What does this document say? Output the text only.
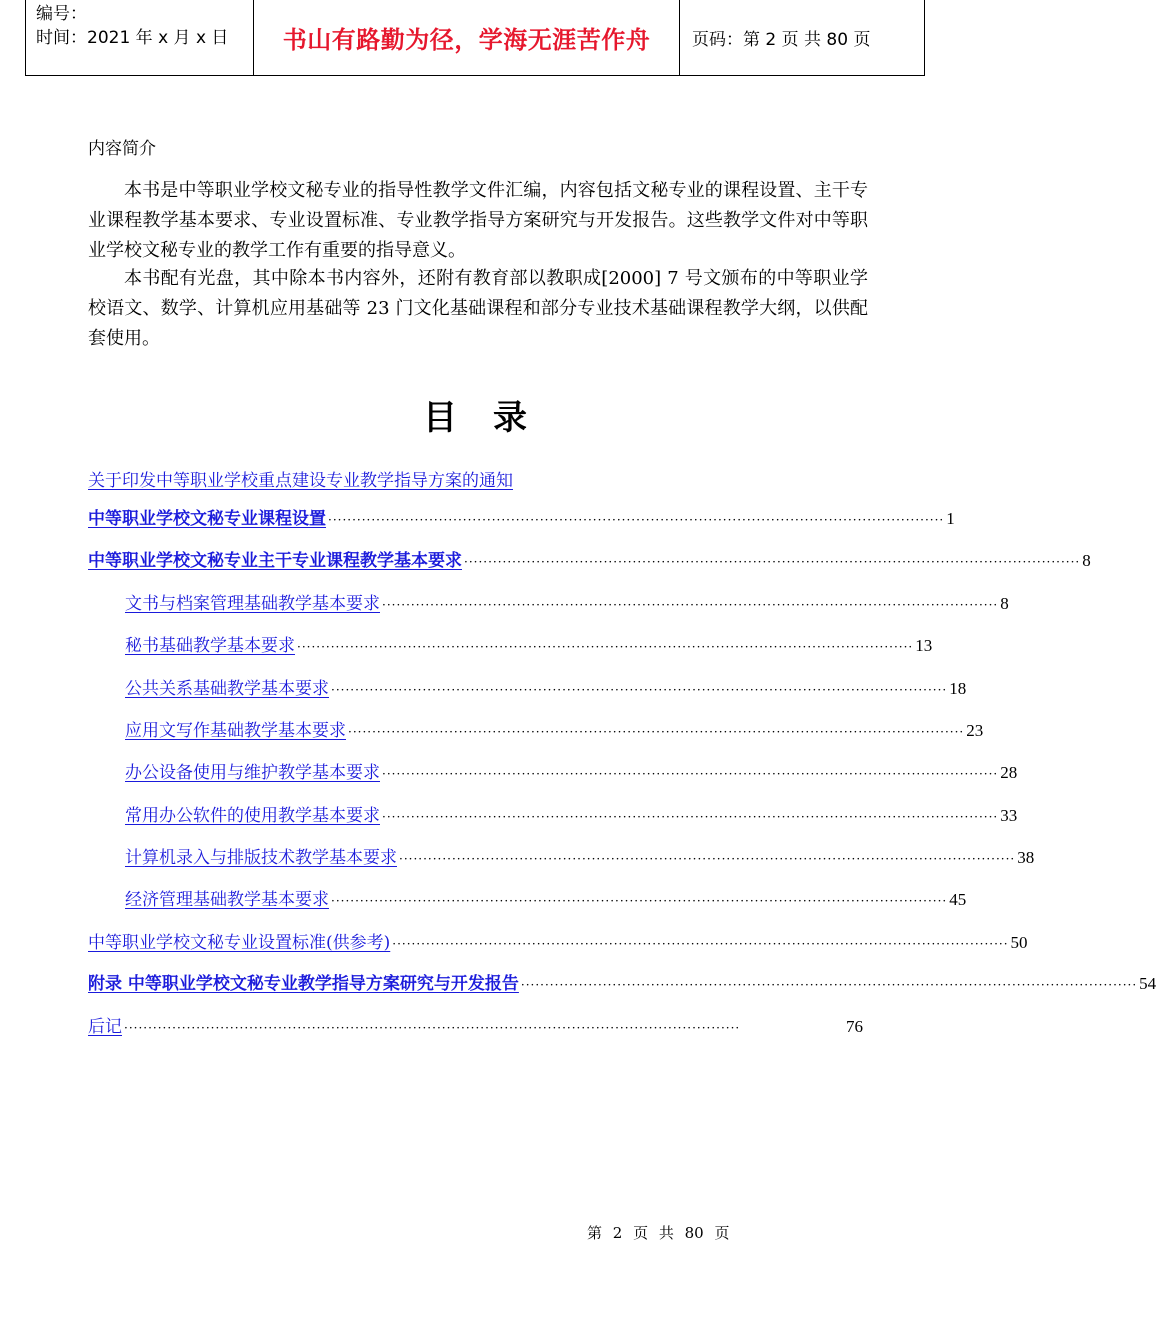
编号：
时间：2021 年 x 月 x 日	书山有路勤为径，学海无涯苦作舟	页码：第 2 页 共 80 页
内容简介
本书是中等职业学校文秘专业的指导性教学文件汇编，内容包括文秘专业的课程设置、主干专业课程教学基本要求、专业设置标准、专业教学指导方案研究与开发报告。这些教学文件对中等职业学校文秘专业的教学工作有重要的指导意义。
本书配有光盘，其中除本书内容外，还附有教育部以教职成[2000] 7 号文颁布的中等职业学校语文、数学、计算机应用基础等 23 门文化基础课程和部分专业技术基础课程教学大纲，以供配套使用。
目录
关于印发中等职业学校重点建设专业教学指导方案的通知
中等职业学校文秘专业课程设置 ································································································································ 1
中等职业学校文秘专业主干专业课程教学基本要求 ································································································································ 8
文书与档案管理基础教学基本要求 ································································································································ 8
秘书基础教学基本要求 ································································································································ 13
公共关系基础教学基本要求 ································································································································ 18
应用文写作基础教学基本要求 ································································································································ 23
办公设备使用与维护教学基本要求 ································································································································ 28
常用办公软件的使用教学基本要求 ································································································································ 33
计算机录入与排版技术教学基本要求 ································································································································ 38
经济管理基础教学基本要求 ································································································································ 45
中等职业学校文秘专业设置标准(供参考) ································································································································ 50
附录 中等职业学校文秘专业教学指导方案研究与开发报告 ································································································································ 54
后记 ································································································································	76
第 2 页 共 80 页
